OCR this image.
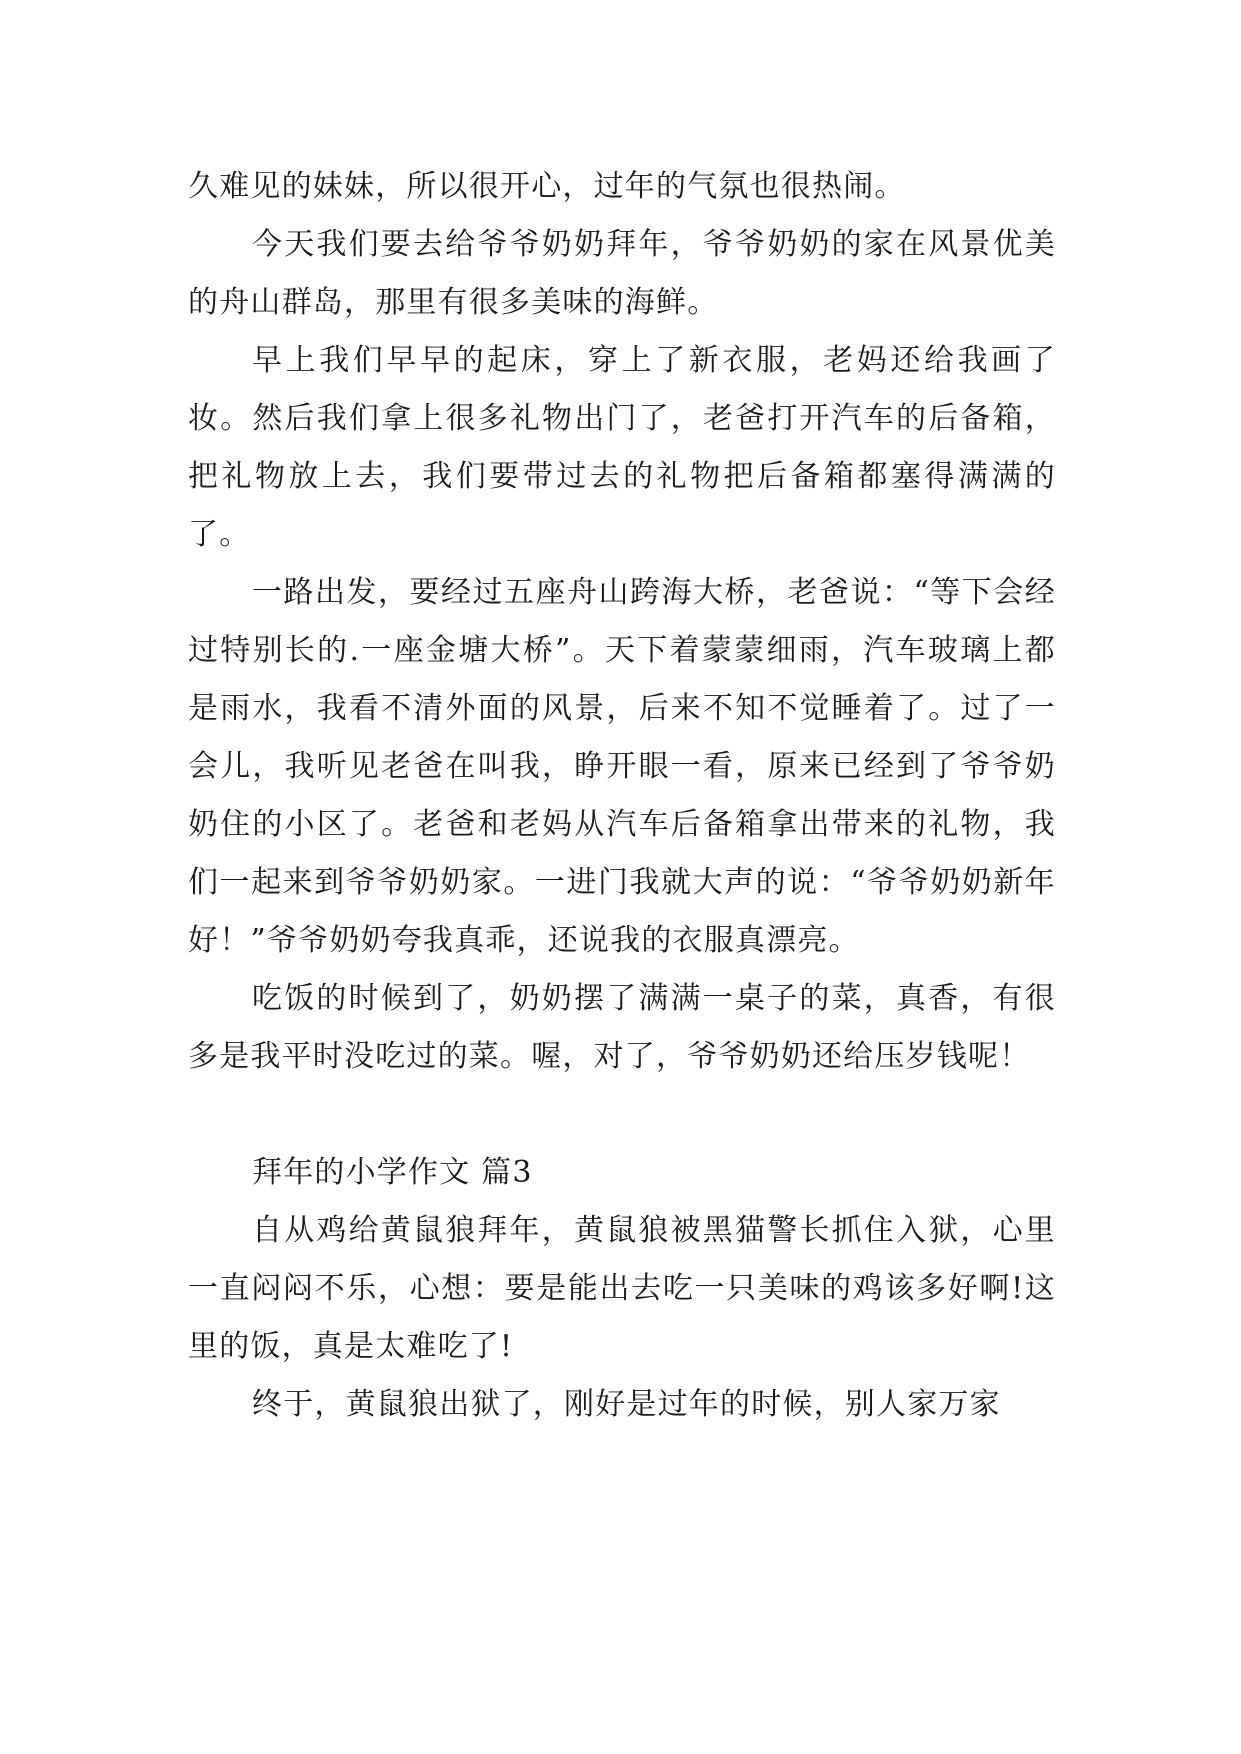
久难见的妹妹，所以很开心，过年的气氛也很热闹。

今天我们要去给爷爷奶奶拜年，爷爷奶奶的家在风景优美的舟山群岛，那里有很多美味的海鲜。

早上我们早早的起床，穿上了新衣服，老妈还给我画了妆。然后我们拿上很多礼物出门了，老爸打开汽车的后备箱，把礼物放上去，我们要带过去的礼物把后备箱都塞得满满的了。

一路出发，要经过五座舟山跨海大桥，老爸说：“等下会经过特别长的.一座金塘大桥”。天下着蒙蒙细雨，汽车玻璃上都是雨水，我看不清外面的风景，后来不知不觉睡着了。过了一会儿，我听见老爸在叫我，睁开眼一看，原来已经到了爷爷奶奶住的小区了。老爸和老妈从汽车后备箱拿出带来的礼物，我们一起来到爷爷奶奶家。一进门我就大声的说：“爷爷奶奶新年好！”爷爷奶奶夸我真乖，还说我的衣服真漂亮。

吃饭的时候到了，奶奶摆了满满一桌子的菜，真香，有很多是我平时没吃过的菜。喔，对了，爷爷奶奶还给压岁钱呢！

拜年的小学作文 篇3

自从鸡给黄鼠狼拜年，黄鼠狼被黑猫警长抓住入狱，心里一直闷闷不乐，心想：要是能出去吃一只美味的鸡该多好啊!这里的饭，真是太难吃了!

终于，黄鼠狼出狱了，刚好是过年的时候，别人家万家
